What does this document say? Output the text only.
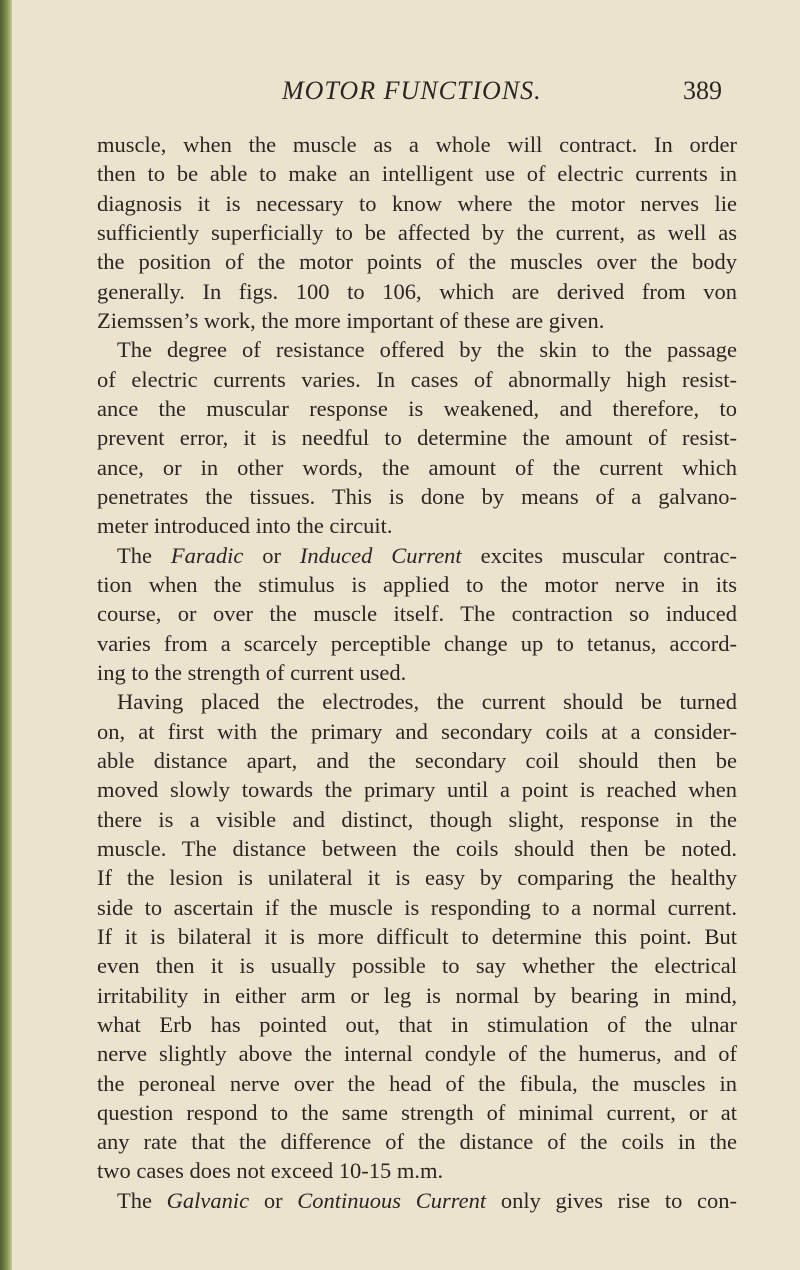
MOTOR FUNCTIONS.	389
muscle, when the muscle as a whole will contract. In order
then to be able to make an intelligent use of electric currents in
diagnosis it is necessary to know where the motor nerves lie
sufficiently superficially to be affected by the current, as well as
the position of the motor points of the muscles over the body
generally. In figs. 100 to 106, which are derived from von
Ziemssen’s work, the more important of these are given.
The degree of resistance offered by the skin to the passage
of electric currents varies. In cases of abnormally high resist-
ance the muscular response is weakened, and therefore, to
prevent error, it is needful to determine the amount of resist-
ance, or in other words, the amount of the current which
penetrates the tissues. This is done by means of a galvano-
meter introduced into the circuit.
The Faradic or Induced Current excites muscular contrac-
tion when the stimulus is applied to the motor nerve in its
course, or over the muscle itself. The contraction so induced
varies from a scarcely perceptible change up to tetanus, accord-
ing to the strength of current used.
Having placed the electrodes, the current should be turned
on, at first with the primary and secondary coils at a consider-
able distance apart, and the secondary coil should then be
moved slowly towards the primary until a point is reached when
there is a visible and distinct, though slight, response in the
muscle. The distance between the coils should then be noted.
If the lesion is unilateral it is easy by comparing the healthy
side to ascertain if the muscle is responding to a normal current.
If it is bilateral it is more difficult to determine this point. But
even then it is usually possible to say whether the electrical
irritability in either arm or leg is normal by bearing in mind,
what Erb has pointed out, that in stimulation of the ulnar
nerve slightly above the internal condyle of the humerus, and of
the peroneal nerve over the head of the fibula, the muscles in
question respond to the same strength of minimal current, or at
any rate that the difference of the distance of the coils in the
two cases does not exceed 10-15 m.m.
The Galvanic or Continuous Current only gives rise to con-
